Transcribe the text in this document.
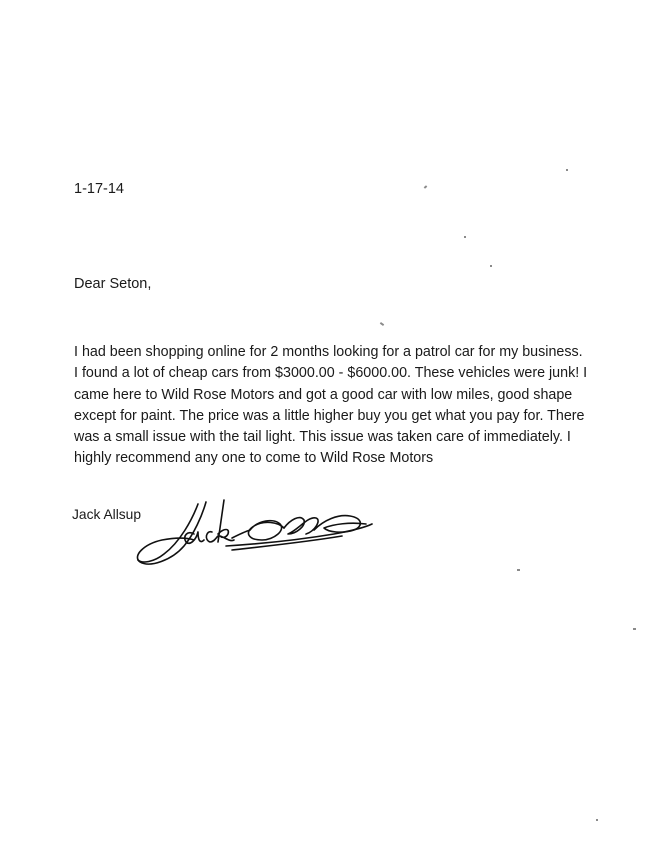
1-17-14

Dear Seton,

I had been shopping online for 2 months looking for a patrol car for my business.
I found a lot of cheap cars from $3000.00 - $6000.00. These vehicles were junk! I
came here to Wild Rose Motors and got a good car with low miles, good shape
except for paint. The price was a little higher buy you get what you pay for. There
was a small issue with the tail light. This issue was taken care of immediately. I
highly recommend any one to come to Wild Rose Motors

Jack Allsup
